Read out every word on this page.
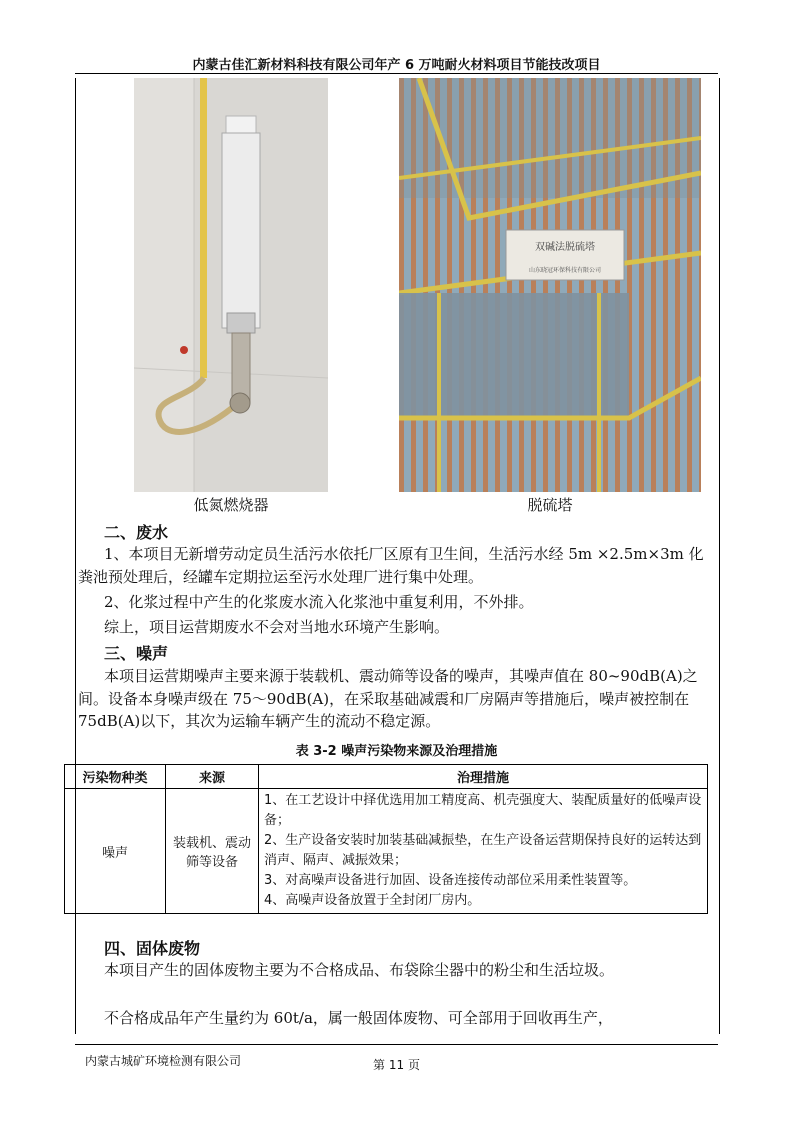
内蒙古佳汇新材料科技有限公司年产 6 万吨耐火材料项目节能技改项目
低氮燃烧器
双碱法脱硫塔
山东晓冠环保科技有限公司
脱硫塔
二、废水
1、本项目无新增劳动定员生活污水依托厂区原有卫生间，生活污水经 5m ×2.5m×3m 化粪池预处理后，经罐车定期拉运至污水处理厂进行集中处理。
2、化浆过程中产生的化浆废水流入化浆池中重复利用，不外排。
综上，项目运营期废水不会对当地水环境产生影响。
三、噪声
本项目运营期噪声主要来源于装载机、震动筛等设备的噪声，其噪声值在 80~90dB(A)之间。设备本身噪声级在 75～90dB(A)，在采取基础减震和厂房隔声等措施后，噪声被控制在 75dB(A)以下，其次为运输车辆产生的流动不稳定源。
表 3-2 噪声污染物来源及治理措施
污染物种类	来源	治理措施
噪声	装载机、震动筛等设备	1、在工艺设计中择优选用加工精度高、机壳强度大、装配质量好的低噪声设备；
2、生产设备安装时加装基础减振垫，在生产设备运营期保持良好的运转达到消声、隔声、减振效果；
3、对高噪声设备进行加固、设备连接传动部位采用柔性装置等。
4、高噪声设备放置于全封闭厂房内。
四、固体废物
本项目产生的固体废物主要为不合格成品、布袋除尘器中的粉尘和生活垃圾。
不合格成品年产生量约为 60t/a，属一般固体废物、可全部用于回收再生产，
内蒙古城矿环境检测有限公司	第 11 页
